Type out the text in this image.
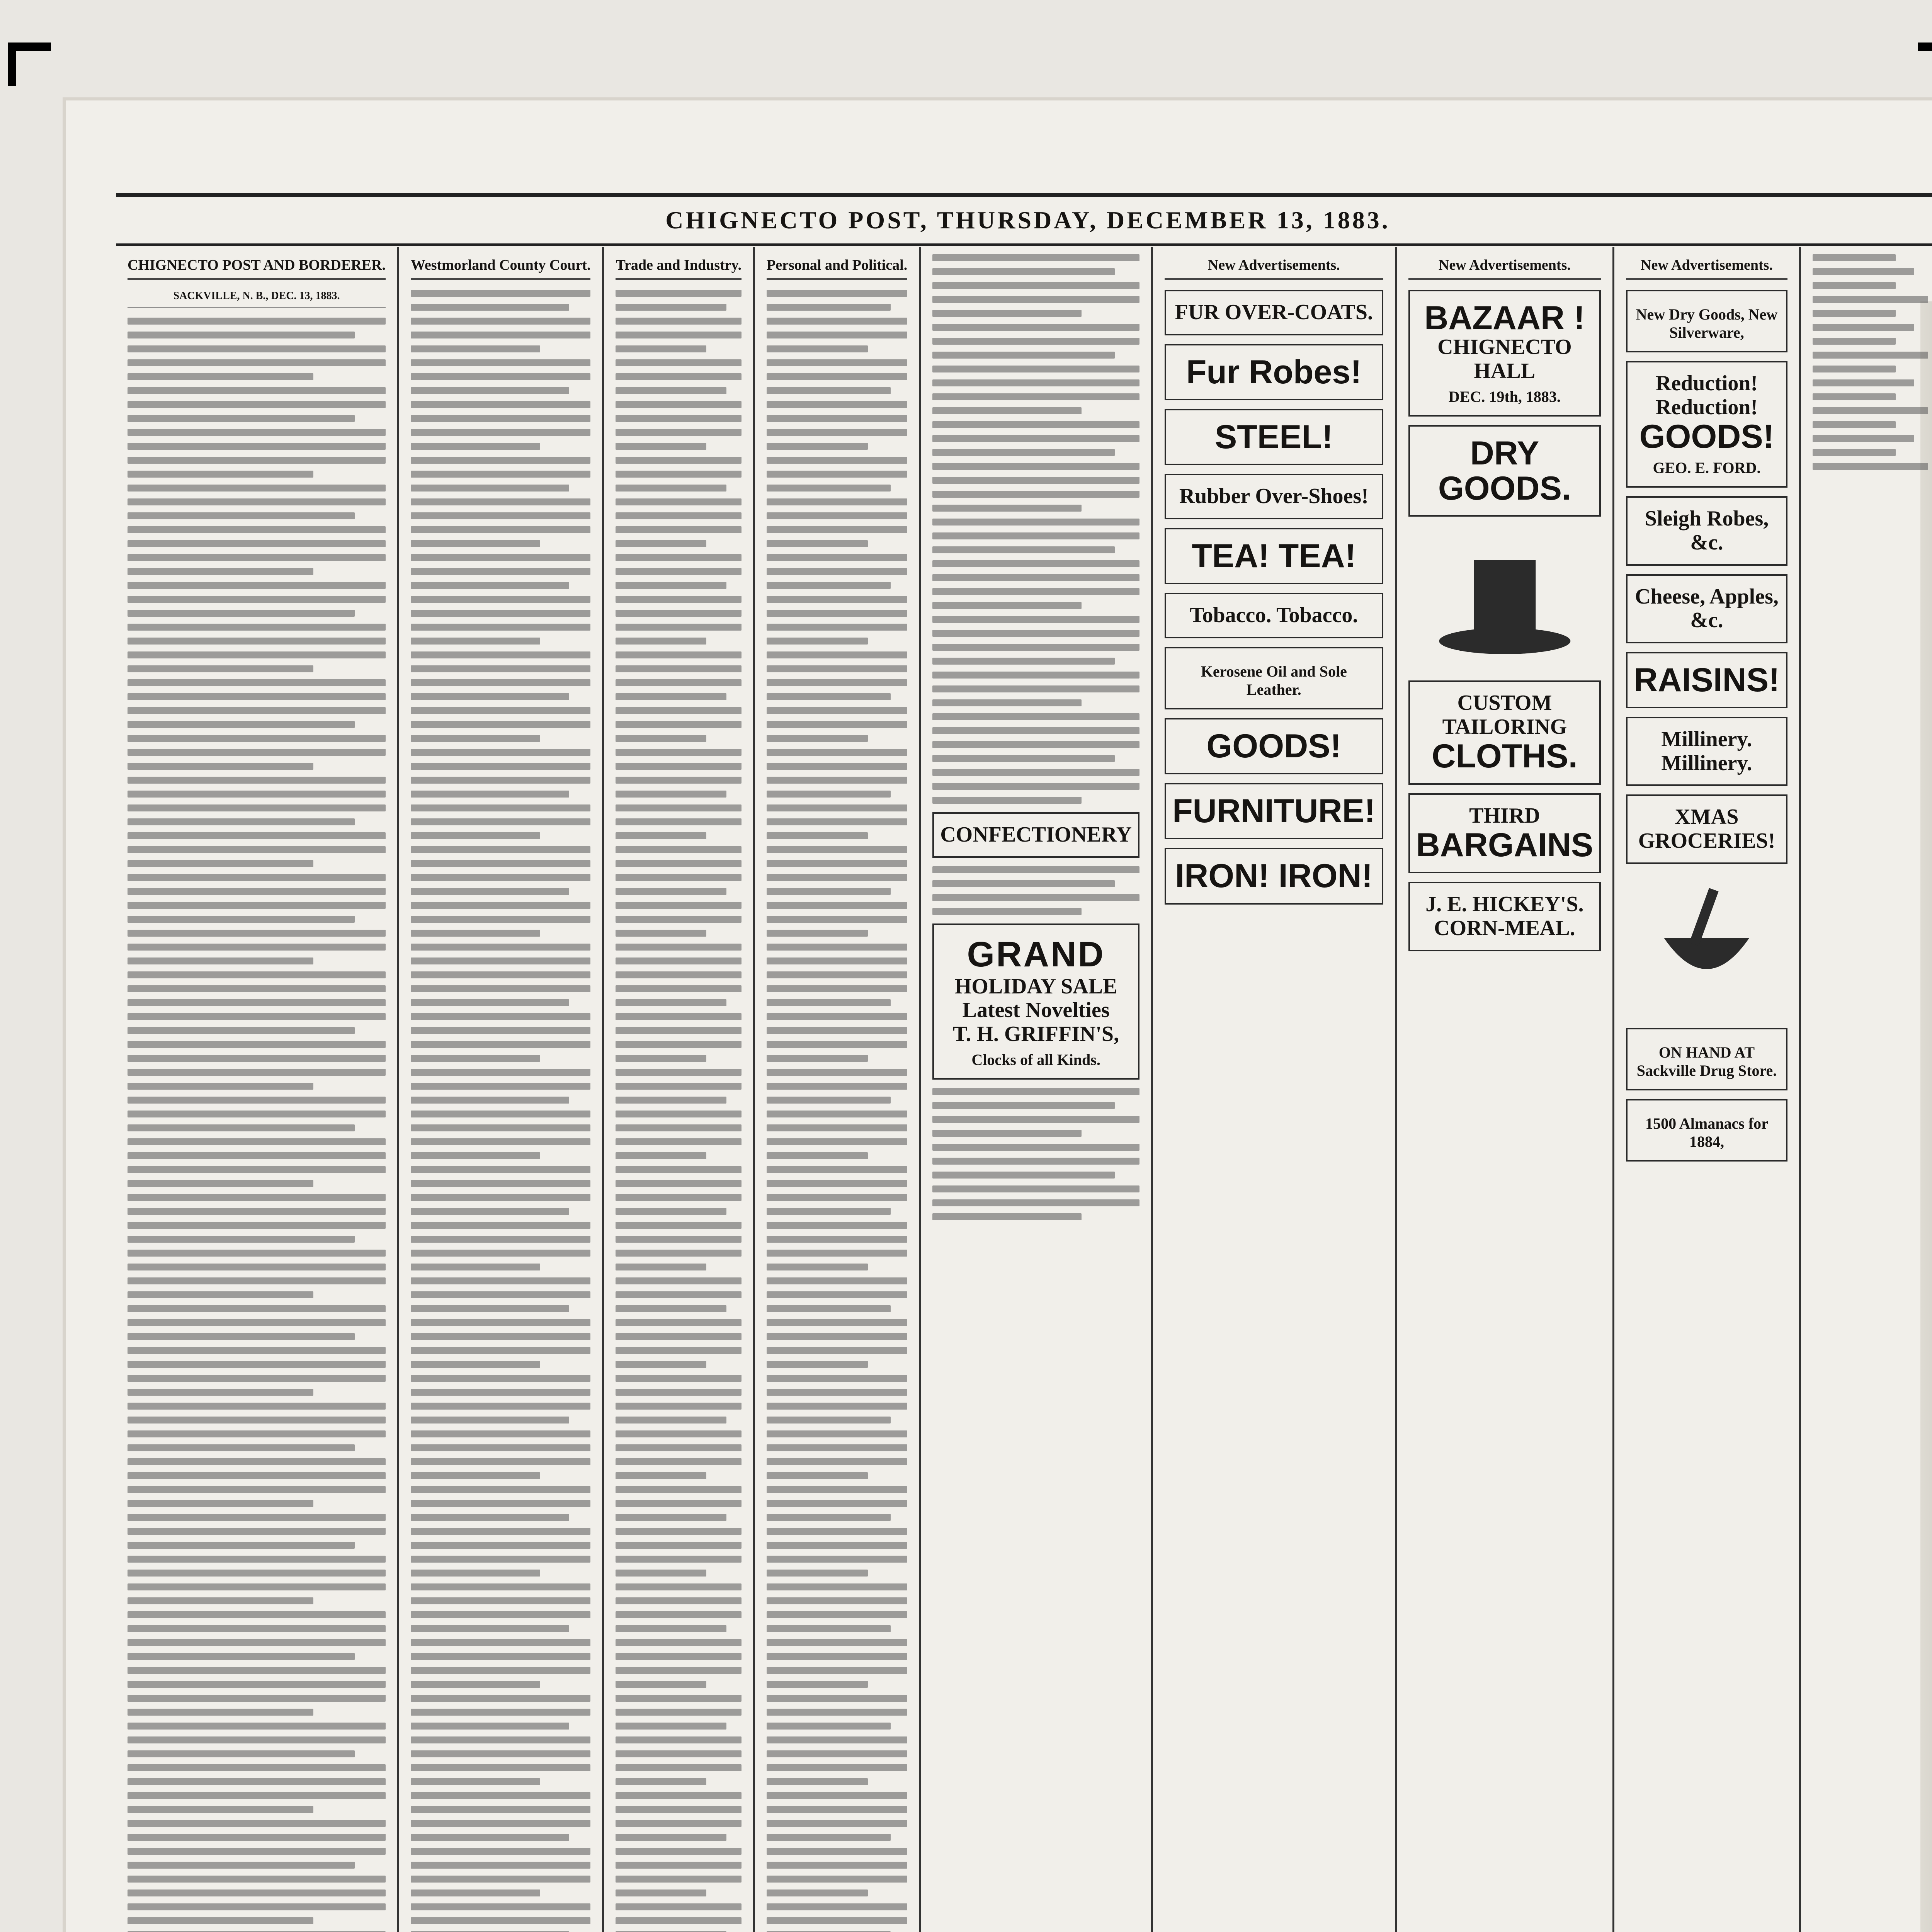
CHIGNECTO POST, THURSDAY, DECEMBER 13, 1883.
CHIGNECTO POST AND BORDERER.
SACKVILLE, N. B., DEC. 13, 1883.
Westmorland County Court. Trade and Industry. Personal and Political.
CONFECTIONERY
GRAND
HOLIDAY SALE
Latest Novelties
T. H. GRIFFIN'S,
Clocks of all Kinds.
New Advertisements.
FUR OVER-COATS.
Fur Robes!
STEEL!
Rubber Over-Shoes!
TEA! TEA!
Tobacco. Tobacco.
Kerosene Oil and Sole Leather.
GOODS!
FURNITURE!
IRON! IRON!
New Advertisements.
BAZAAR !
CHIGNECTO HALL
DEC. 19th, 1883.
DRY GOODS.
CUSTOM TAILORING
CLOTHS.
THIRD
BARGAINS
J. E. HICKEY'S.
CORN-MEAL.
New Advertisements.
New Dry Goods, New Silverware,
Reduction! Reduction!
GOODS!
GEO. E. FORD.
Sleigh Robes, &c.
Cheese, Apples, &c.
RAISINS!
Millinery. Millinery.
XMAS GROCERIES!
ON HAND AT Sackville Drug Store.
1500 Almanacs for 1884,
